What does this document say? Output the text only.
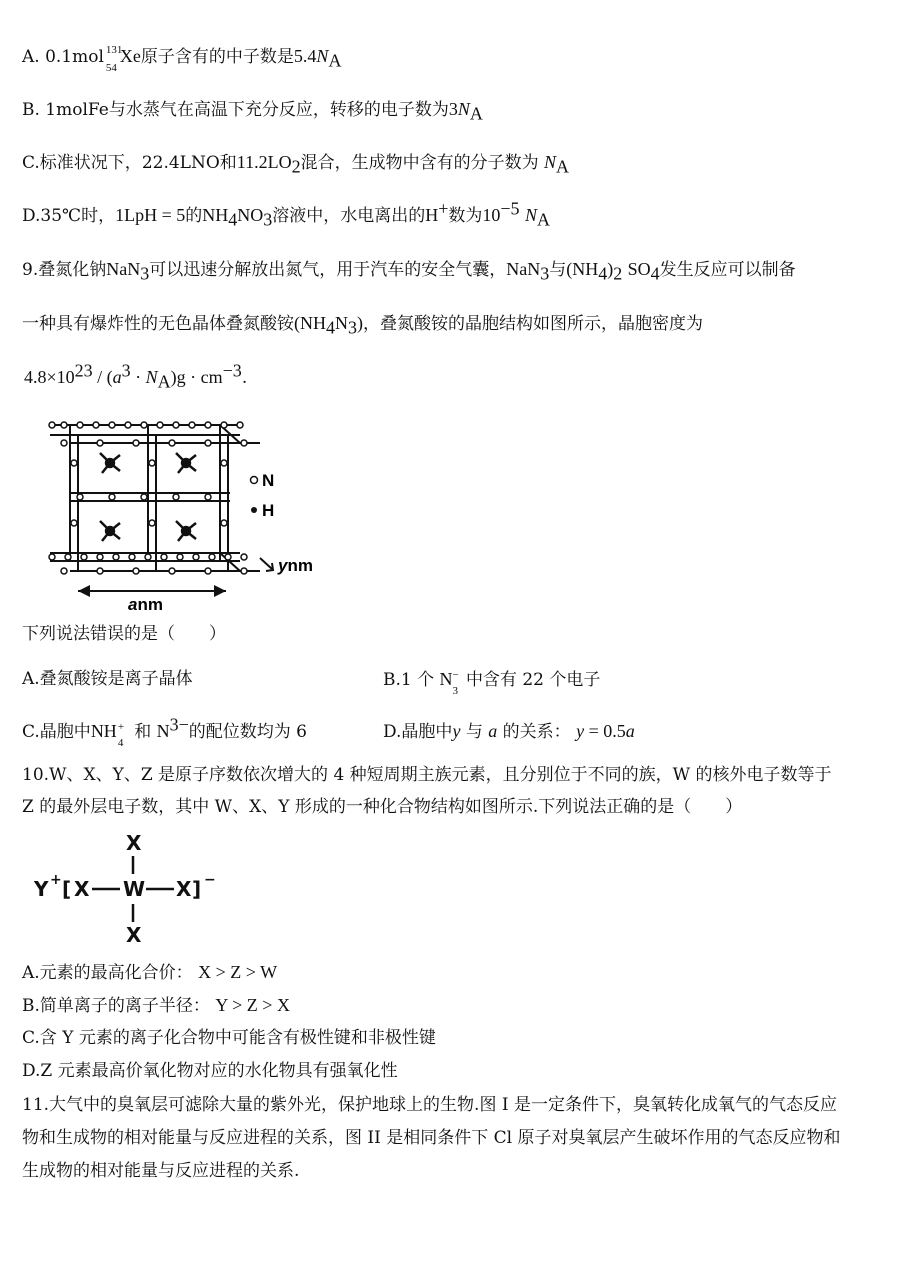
A. 0.1mol 131
54
Xe原子含有的中子数是$5.4N_A$
B. 1molFe与水蒸气在高温下充分反应，转移的电子数为$3N_A$
C.标准状况下，22.4LNO和$11.2LO_2$混合，生成物中含有的分子数为 $N_A$
D.35℃时，1LpH = 5的$NH_4NO_3$溶液中，水电离出的H+数为$10^{-5}$ $N_A$
9.叠氮化钠NaN$_3$可以迅速分解放出氮气，用于汽车的安全气囊，NaN$_3$与$(NH_4)_2$ $SO_4$发生反应可以制备
一种具有爆炸性的无色晶体叠氮酸铵$(NH_4N_3)$，叠氮酸铵的晶胞结构如图所示，晶胞密度为
$4.8\times 10^{23} / (a^3 \cdot N_A)g \cdot cm^{-3}$.
N
H
ynm
anm
下列说法错误的是（　　）
A.叠氮酸铵是离子晶体	B.1 个 N −
3
中含有 22 个电子
C.晶胞中NH +
4
和 $N^{3-}$的配位数均为 6	D.晶胞中y 与 a 的关系： y = 0.5a
10.W、X、Y、Z 是原子序数依次增大的 4 种短周期主族元素，且分别位于不同的族，W 的核外电子数等于
Z 的最外层电子数，其中 W、X、Y 形成的一种化合物结构如图所示.下列说法正确的是（　　）
X
X
Y + [ X W X ] −
A.元素的最高化合价： X > Z > W
B.简单离子的离子半径： Y > Z > X
C.含 Y 元素的离子化合物中可能含有极性键和非极性键
D.Z 元素最高价氧化物对应的水化物具有强氧化性
11.大气中的臭氧层可滤除大量的紫外光，保护地球上的生物.图 I 是一定条件下，臭氧转化成氧气的气态反应
物和生成物的相对能量与反应进程的关系，图 II 是相同条件下 Cl 原子对臭氧层产生破坏作用的气态反应物和
生成物的相对能量与反应进程的关系.
